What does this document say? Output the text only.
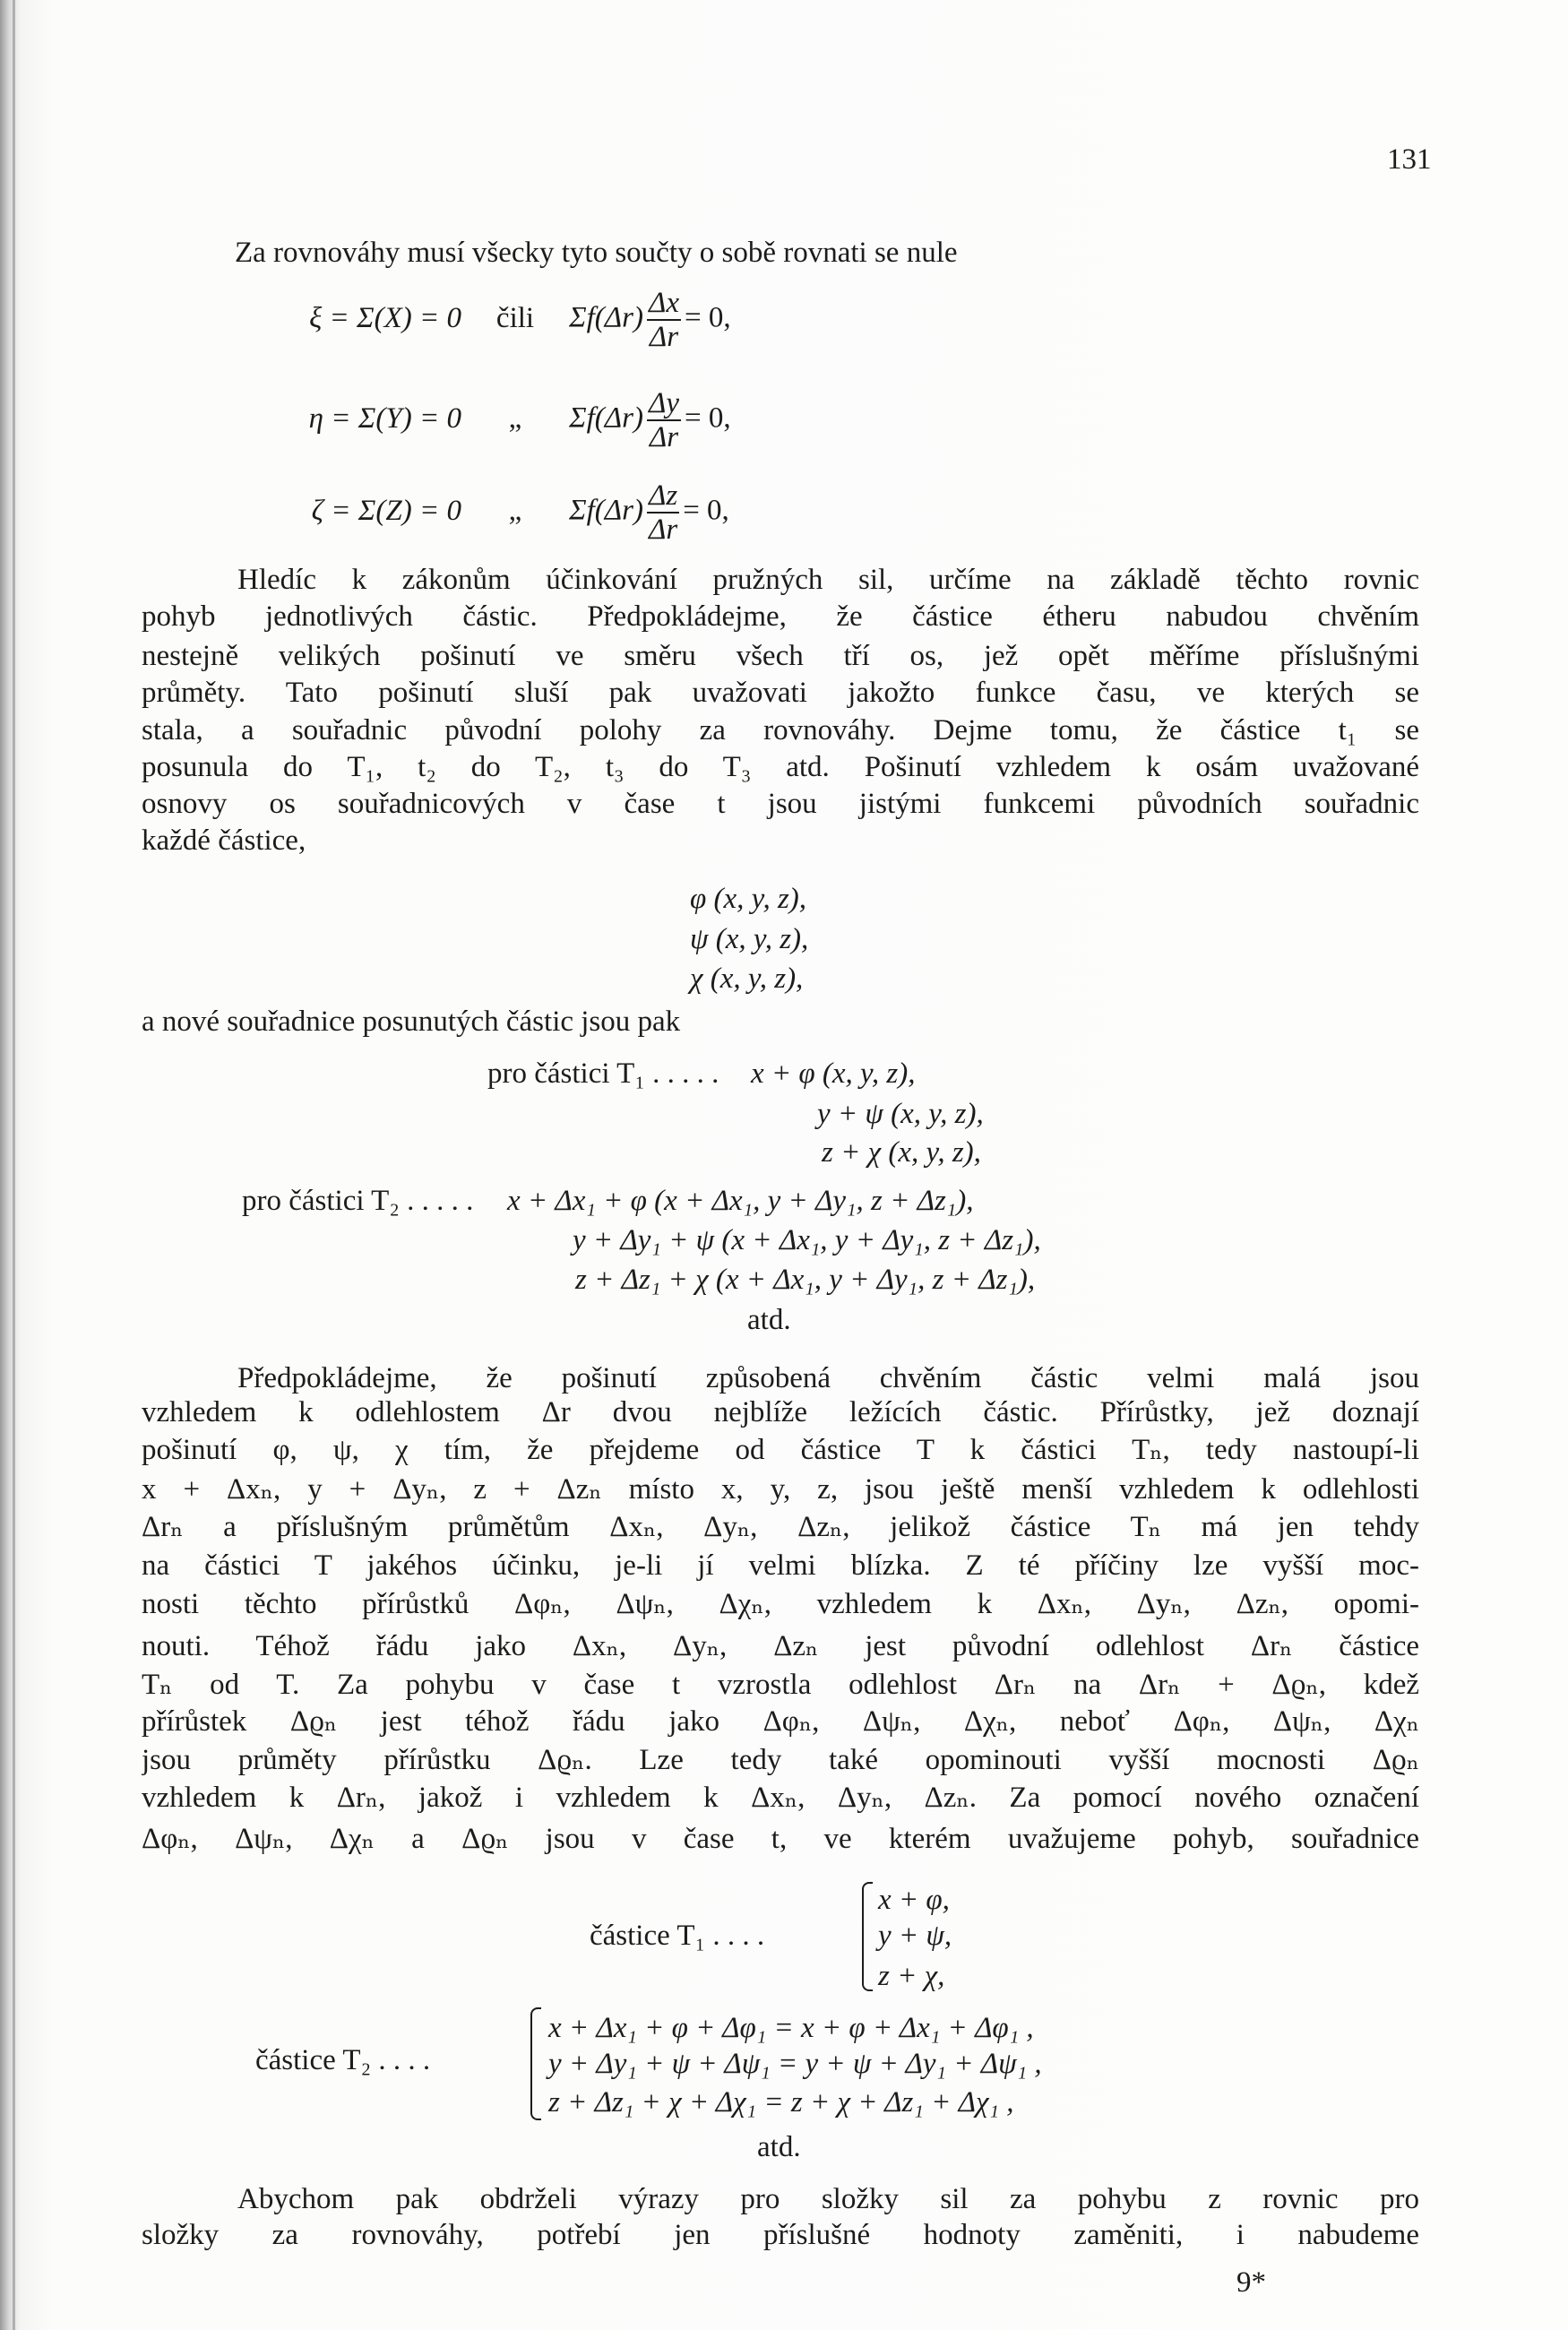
131
Za rovnováhy musí všecky tyto součty o sobě rovnati se nule
ξ = Σ(X) = 0 čili $\Sigma f(\Delta r) \frac{\Delta x}{\Delta r} = 0$,
η = Σ(Y) = 0 „ $\Sigma f(\Delta r) \frac{\Delta y}{\Delta r} = 0$,
ζ = Σ(Z) = 0 „ $\Sigma f(\Delta r) \frac{\Delta z}{\Delta r} = 0$,
Hledíc k zákonům účinkování pružných sil, určíme na základě těchto rovnic
pohyb jednotlivých částic. Předpokládejme, že částice étheru nabudou chvěním
nestejně velikých pošinutí ve směru všech tří os, jež opět měříme příslušnými
průměty. Tato pošinutí sluší pak uvažovati jakožto funkce času, ve kterých se
stala, a souřadnic původní polohy za rovnováhy. Dejme tomu, že částice t₁ se
posunula do T₁, t₂ do T₂, t₃ do T₃ atd. Pošinutí vzhledem k osám uvažované
osnovy os souřadnicových v čase t jsou jistými funkcemi původních souřadnic
každé částice,
φ (x, y, z),
ψ (x, y, z),
χ (x, y, z),
a nové souřadnice posunutých částic jsou pak
pro částici T₁ . . . . . x + φ (x, y, z),
y + ψ (x, y, z),
z + χ (x, y, z),
pro částici T₂ . . . . . x + Δx₁ + φ (x + Δx₁, y + Δy₁, z + Δz₁),
y + Δy₁ + ψ (x + Δx₁, y + Δy₁, z + Δz₁),
z + Δz₁ + χ (x + Δx₁, y + Δy₁, z + Δz₁),
atd.
Předpokládejme, že pošinutí způsobená chvěním částic velmi malá jsou
vzhledem k odlehlostem Δr dvou nejblíže ležících částic. Přírůstky, jež doznají
pošinutí φ, ψ, χ tím, že přejdeme od částice T k částici Tₙ, tedy nastoupí-li
x + Δxₙ, y + Δyₙ, z + Δzₙ místo x, y, z, jsou ještě menší vzhledem k odlehlosti
Δrₙ a příslušným průmětům Δxₙ, Δyₙ, Δzₙ, jelikož částice Tₙ má jen tehdy
na částici T jakéhos účinku, je-li jí velmi blízka. Z té příčiny lze vyšší moc-
nosti těchto přírůstků Δφₙ, Δψₙ, Δχₙ, vzhledem k Δxₙ, Δyₙ, Δzₙ, opomi-
nouti. Téhož řádu jako Δxₙ, Δyₙ, Δzₙ jest původní odlehlost Δrₙ částice
Tₙ od T. Za pohybu v čase t vzrostla odlehlost Δrₙ na Δrₙ + Δϱₙ, kdež
přírůstek Δϱₙ jest téhož řádu jako Δφₙ, Δψₙ, Δχₙ, neboť Δφₙ, Δψₙ, Δχₙ
jsou průměty přírůstku Δϱₙ. Lze tedy také opominouti vyšší mocnosti Δϱₙ
vzhledem k Δrₙ, jakož i vzhledem k Δxₙ, Δyₙ, Δzₙ. Za pomocí nového označení
Δφₙ, Δψₙ, Δχₙ a Δϱₙ jsou v čase t, ve kterém uvažujeme pohyb, souřadnice
částice T₁ . . . .
x + φ,
y + ψ,
z + χ,
částice T₂ . . . .
x + Δx₁ + φ + Δφ₁ = x + φ + Δx₁ + Δφ₁ ,
y + Δy₁ + ψ + Δψ₁ = y + ψ + Δy₁ + Δψ₁ ,
z + Δz₁ + χ + Δχ₁ = z + χ + Δz₁ + Δχ₁ ,
atd.
Abychom pak obdrželi výrazy pro složky sil za pohybu z rovnic pro
složky za rovnováhy, potřebí jen příslušné hodnoty zaměniti, i nabudeme
9*
